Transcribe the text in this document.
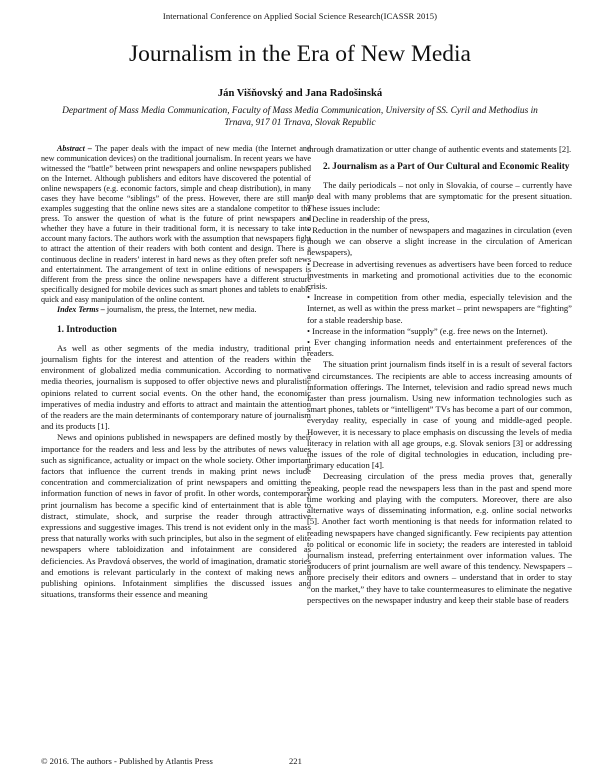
International Conference on Applied Social Science Research(ICASSR 2015)
Journalism in the Era of New Media
Ján Višňovský and Jana Radošinská
Department of Mass Media Communication, Faculty of Mass Media Communication, University of SS. Cyril and Methodius in
Trnava, 917 01 Trnava, Slovak Republic

Abstract – The paper deals with the impact of new media (the Internet and new communication devices) on the traditional journalism. In recent years we have witnessed the “battle” between print newspapers and online newspapers published on the Internet. Although publishers and editors have discovered the potential of online newspapers (e.g. economic factors, simple and cheap distribution), in many cases they have become “siblings” of the press. However, there are still many examples suggesting that the online news sites are a standalone competitor to the press. To answer the question of what is the future of print newspapers and whether they have a future in their traditional form, it is necessary to take into account many factors. The authors work with the assumption that newspapers fight to attract the attention of their readers with both content and design. There is a continuous decline in readers’ interest in hard news as they often prefer soft news and entertainment. The arrangement of text in online editions of newspapers is different from the press since the online newspapers have a different structure specifically designed for mobile devices such as smart phones and tablets to enable quick and easy manipulation of the online content.

Index Terms – journalism, the press, the Internet, new media.

1. Introduction

As well as other segments of the media industry, traditional print journalism fights for the interest and attention of the readers within the environment of globalized media communication. According to normative media theories, journalism is supposed to offer objective news and pluralistic opinions related to current social events. On the other hand, the economic imperatives of media industry and efforts to attract and maintain the attention of the readers are the main determinants of contemporary nature of journalism and its products [1].

News and opinions published in newspapers are defined mostly by their importance for the readers and less and less by the attributes of news values such as significance, actuality or impact on the whole society. Other important factors that influence the current trends in making print news include concentration and commercialization of print newspapers and omitting the information function of news in favor of profit. In other words, contemporary print journalism has become a specific kind of entertainment that is able to distract, stimulate, shock, and surprise the reader through attractive expressions and suggestive images. This trend is not evident only in the mass press that naturally works with such principles, but also in the segment of elite newspapers where tabloidization and infotainment are considered as deficiencies. As Pravdová observes, the world of imagination, dramatic stories and emotions is relevant particularly in the context of making news and publishing opinions. Infotainment simplifies the discussed issues and situations, transforms their essence and meaning

through dramatization or utter change of authentic events and statements [2].

2. Journalism as a Part of Our Cultural and Economic Reality

The daily periodicals – not only in Slovakia, of course – currently have to deal with many problems that are symptomatic for the present situation. These issues include:

• Decline in readership of the press,

• Reduction in the number of newspapers and magazines in circulation (even though we can observe a slight increase in the circulation of American newspapers),

• Decrease in advertising revenues as advertisers have been forced to reduce investments in marketing and promotional activities due to the economic crisis.

• Increase in competition from other media, especially television and the Internet, as well as within the press market – print newspapers are “fighting” for a stable readership base.

• Increase in the information “supply” (e.g. free news on the Internet).

• Ever changing information needs and entertainment preferences of the readers.

The situation print journalism finds itself in is a result of several factors and circumstances. The recipients are able to access increasing amounts of information offerings. The Internet, television and radio spread news much faster than press journalism. Using new information technologies such as smart phones, tablets or “intelligent” TVs has become a part of our common, everyday reality, especially in case of young and middle-aged people. However, it is necessary to place emphasis on discussing the levels of media literacy in relation with all age groups, e.g. Slovak seniors [3] or addressing the issues of the role of digital technologies in education, including pre-primary education [4].

Decreasing circulation of the press media proves that, generally speaking, people read the newspapers less than in the past and spend more time working and playing with the computers. Moreover, there are also alternative ways of disseminating information, e.g. online social networks [5]. Another fact worth mentioning is that needs for information related to reading newspapers have changed significantly. Few recipients pay attention to political or economic life in society; the readers are interested in tabloid journalism instead, preferring entertainment over information values. The producers of print journalism are well aware of this tendency. Newspapers – more precisely their editors and owners – understand that in order to stay “on the market,” they have to take countermeasures to eliminate the negative perspectives on the newspaper industry and keep their stable base of readers

© 2016. The authors - Published by Atlantis Press	221
